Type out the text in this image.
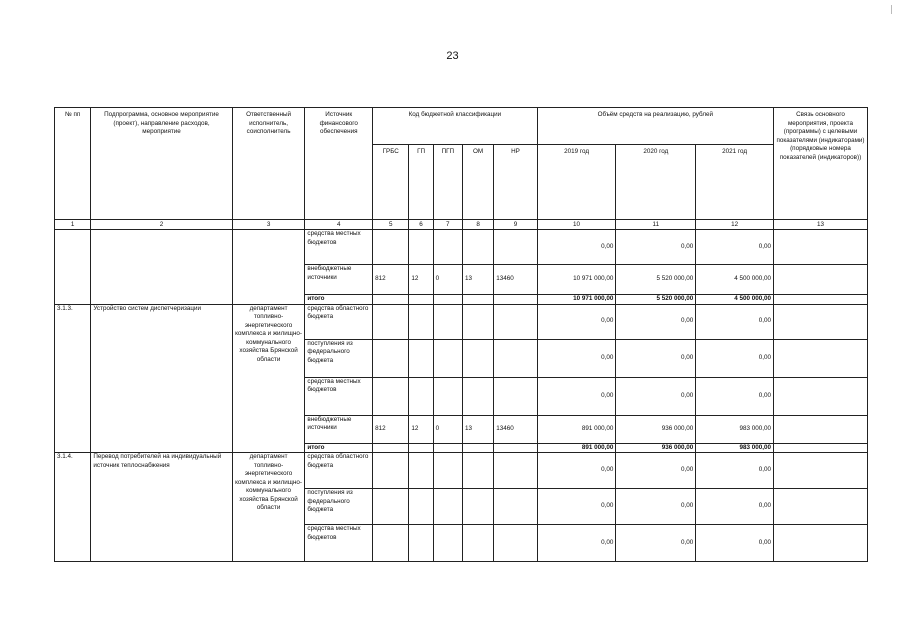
23
№ пп	Подпрограмма, основное мероприятие (проект), направление расходов, мероприятие	Ответственный исполнитель, соисполнитель	Источник финансового обеспечения	Код бюджетной классификации					Объём средств на реализацию, рублей			Связь основного мероприятия, проекта (программы) с целевыми показателями (индикаторами) (порядковые номера показателей (индикаторов))
				ГРБС	ГП	ПГП	ОМ	НР	2019 год	2020 год	2021 год	
1	2	3	4	5	6	7	8	9	10	11	12	13
			средства местных бюджетов						0,00	0,00	0,00	
			внебюджетные источники	812	12	0	13	13460	10 971 000,00	5 520 000,00	4 500 000,00	
			итого						10 971 000,00	5 520 000,00	4 500 000,00	
3.1.3.	Устройство систем диспетчеризации	департамент топливно-энергетического комплекса и жилищно-коммунального хозяйства Брянской области	средства областного бюджета						0,00	0,00	0,00	
			поступления из федерального бюджета						0,00	0,00	0,00	
			средства местных бюджетов						0,00	0,00	0,00	
			внебюджетные источники	812	12	0	13	13460	891 000,00	936 000,00	983 000,00	
			итого						891 000,00	936 000,00	983 000,00	
3.1.4.	Перевод потребителей на индивидуальный источник теплоснабжения	департамент топливно-энергетического комплекса и жилищно-коммунального хозяйства Брянской области	средства областного бюджета						0,00	0,00	0,00	
			поступления из федерального бюджета						0,00	0,00	0,00	
			средства местных бюджетов						0,00	0,00	0,00	
